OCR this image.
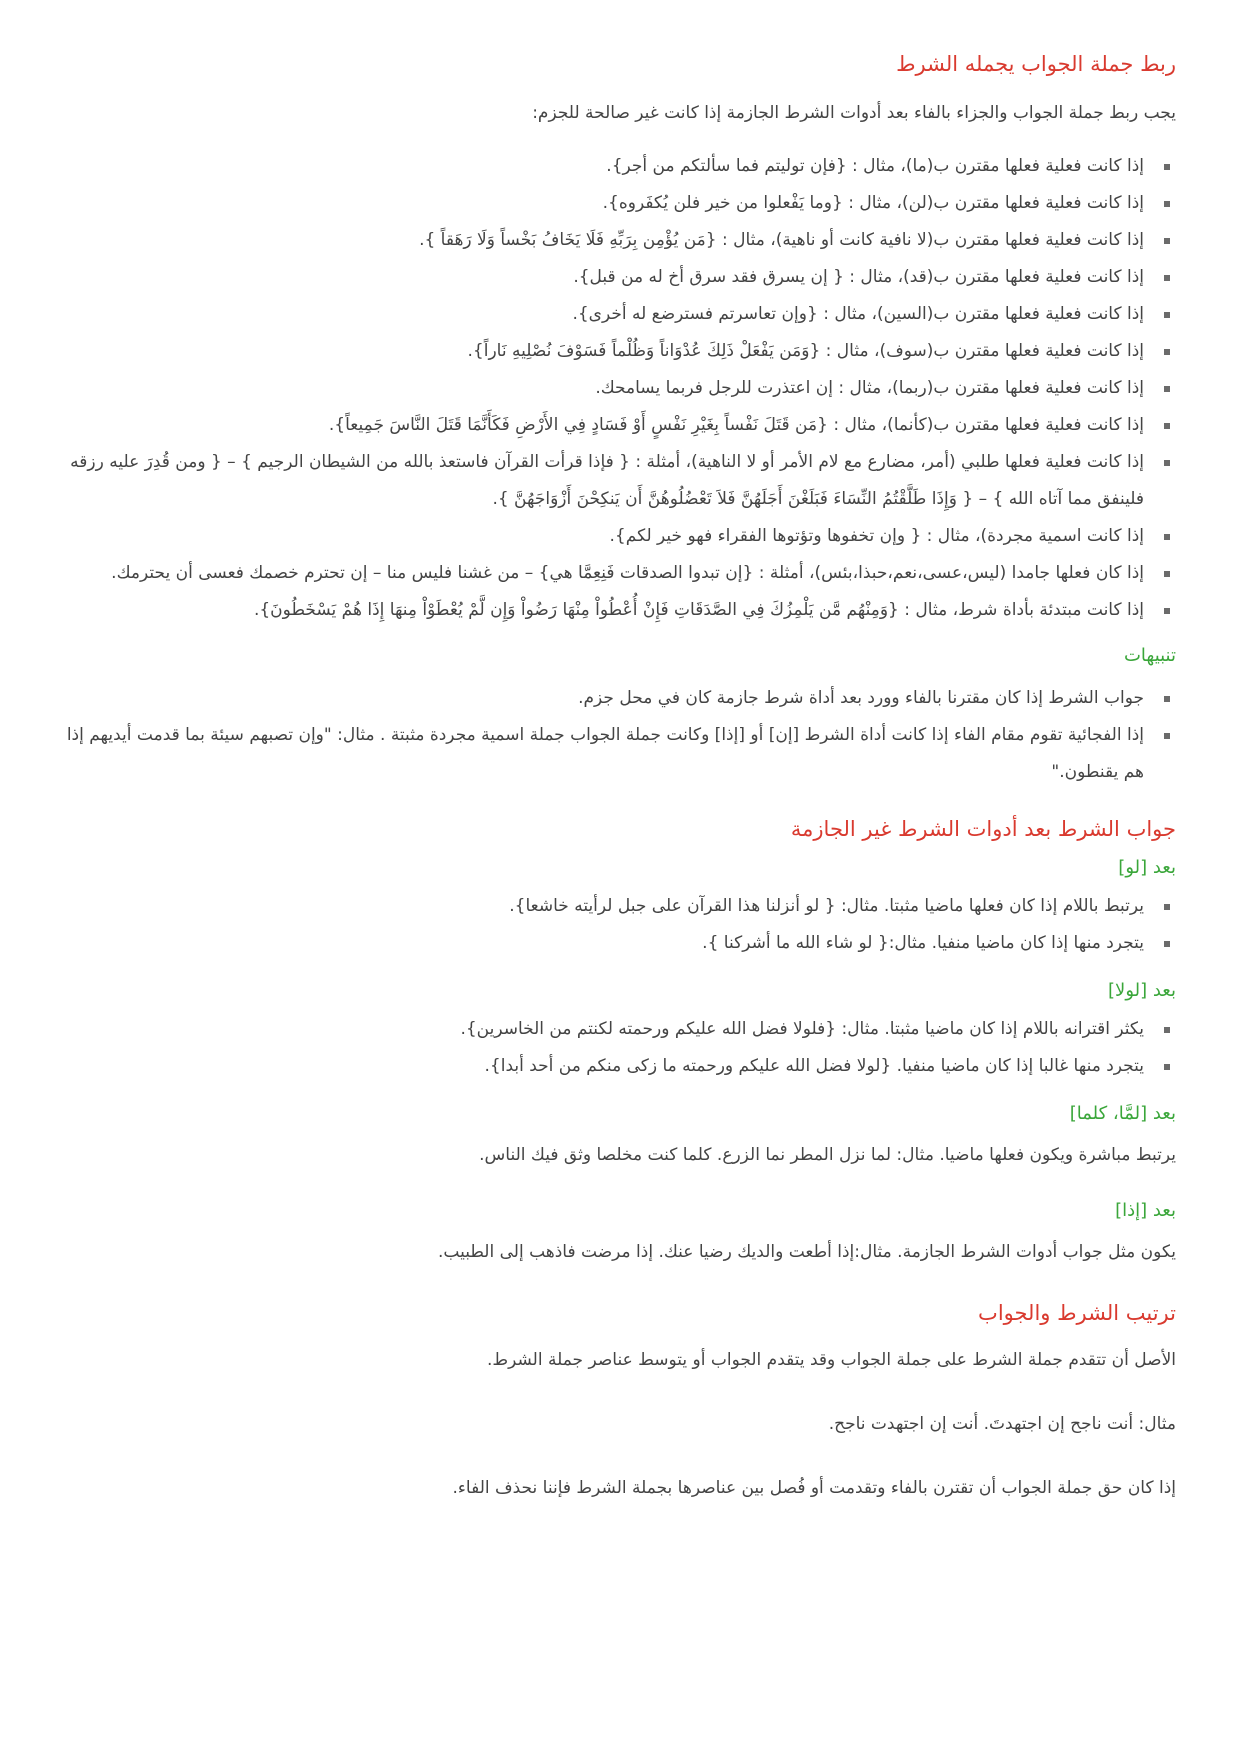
ربط جملة الجواب يجمله الشرط

يجب ربط جملة الجواب والجزاء بالفاء بعد أدوات الشرط الجازمة إذا كانت غير صالحة للجزم:

إذا كانت فعلية فعلها مقترن ب(ما)، مثال : {فإن توليتم فما سألتكم من أجر}.
إذا كانت فعلية فعلها مقترن ب(لن)، مثال : {وما يَفْعلوا من خير فلن يُكفَروه}.
إذا كانت فعلية فعلها مقترن ب(لا نافية كانت أو ناهية)، مثال : {مَن يُؤْمِن بِرَبِّهِ فَلَا يَخَافُ بَخْساً وَلَا رَهَقاً }.
إذا كانت فعلية فعلها مقترن ب(قد)، مثال : { إن يسرق فقد سرق أخ له من قبل}.
إذا كانت فعلية فعلها مقترن ب(السين)، مثال : {وإن تعاسرتم فسترضع له أخرى}.
إذا كانت فعلية فعلها مقترن ب(سوف)، مثال : {وَمَن يَفْعَلْ ذَلِكَ عُدْوَاناً وَظُلْماً فَسَوْفَ نُصْلِيهِ نَاراً}.
إذا كانت فعلية فعلها مقترن ب(ربما)، مثال : إن اعتذرت للرجل فربما يسامحك.
إذا كانت فعلية فعلها مقترن ب(كأنما)، مثال : {مَن قَتَلَ نَفْساً بِغَيْرِ نَفْسٍ أَوْ فَسَادٍ فِي الأَرْضِ فَكَأَنَّمَا قَتَلَ النَّاسَ جَمِيعاً}.
إذا كانت فعلية فعلها طلبي (أمر، مضارع مع لام الأمر أو لا الناهية)، أمثلة : { فإذا قرأت القرآن فاستعذ بالله من الشيطان الرجيم } – { ومن قُدِرَ عليه رزقه فلينفق مما آتاه الله } – { وَإِذَا طَلَّقْتُمُ النِّسَاءَ فَبَلَغْنَ أَجَلَهُنَّ فَلاَ تَعْضُلُوهُنَّ أَن يَنكِحْنَ أَزْوَاجَهُنَّ }.
إذا كانت اسمية مجردة)، مثال : { وإن تخفوها وتؤتوها الفقراء فهو خير لكم}.
إذا كان فعلها جامدا (ليس،عسى،نعم،حبذا،بئس)، أمثلة : {إن تبدوا الصدقات فَنِعِمَّا هي} – من غشنا فليس منا – إن تحترم خصمك فعسى أن يحترمك.
إذا كانت مبتدئة بأداة شرط، مثال : {وَمِنْهُم مَّن يَلْمِزُكَ فِي الصَّدَقَاتِ فَإِنْ أُعْطُواْ مِنْهَا رَضُواْ وَإِن لَّمْ يُعْطَوْاْ مِنهَا إِذَا هُمْ يَسْخَطُونَ}.
تنبيهات
جواب الشرط إذا كان مقترنا بالفاء وورد بعد أداة شرط جازمة كان في محل جزم.
إذا الفجائية تقوم مقام الفاء إذا كانت أداة الشرط [إن] أو [إذا] وكانت جملة الجواب جملة اسمية مجردة مثبتة . مثال: "وإن تصبهم سيئة بما قدمت أيديهم إذا هم يقنطون."
جواب الشرط بعد أدوات الشرط غير الجازمة
بعد [لو]
يرتبط باللام إذا كان فعلها ماضيا مثبتا. مثال: { لو أنزلنا هذا القرآن على جبل لرأيته خاشعا}.
يتجرد منها إذا كان ماضيا منفيا. مثال:{ لو شاء الله ما أشركنا }.
بعد [لولا]
يكثر اقترانه باللام إذا كان ماضيا مثبتا. مثال: {فلولا فضل الله عليكم ورحمته لكنتم من الخاسرين}.
يتجرد منها غالبا إذا كان ماضيا منفيا. {لولا فضل الله عليكم ورحمته ما زكى منكم من أحد أبدا}.
بعد [لمَّا، كلما]

يرتبط مباشرة ويكون فعلها ماضيا. مثال: لما نزل المطر نما الزرع. كلما كنت مخلصا وثق فيك الناس.

بعد [إذا]

يكون مثل جواب أدوات الشرط الجازمة. مثال:إذا أطعت والديك رضيا عنك. إذا مرضت فاذهب إلى الطبيب.

ترتيب الشرط والجواب

الأصل أن تتقدم جملة الشرط على جملة الجواب وقد يتقدم الجواب أو يتوسط عناصر جملة الشرط.

مثال: أنت ناجح إن اجتهدتَ. أنت إن اجتهدت ناجح.

إذا كان حق جملة الجواب أن تقترن بالفاء وتقدمت أو فُصل بين عناصرها بجملة الشرط فإننا نحذف الفاء.
